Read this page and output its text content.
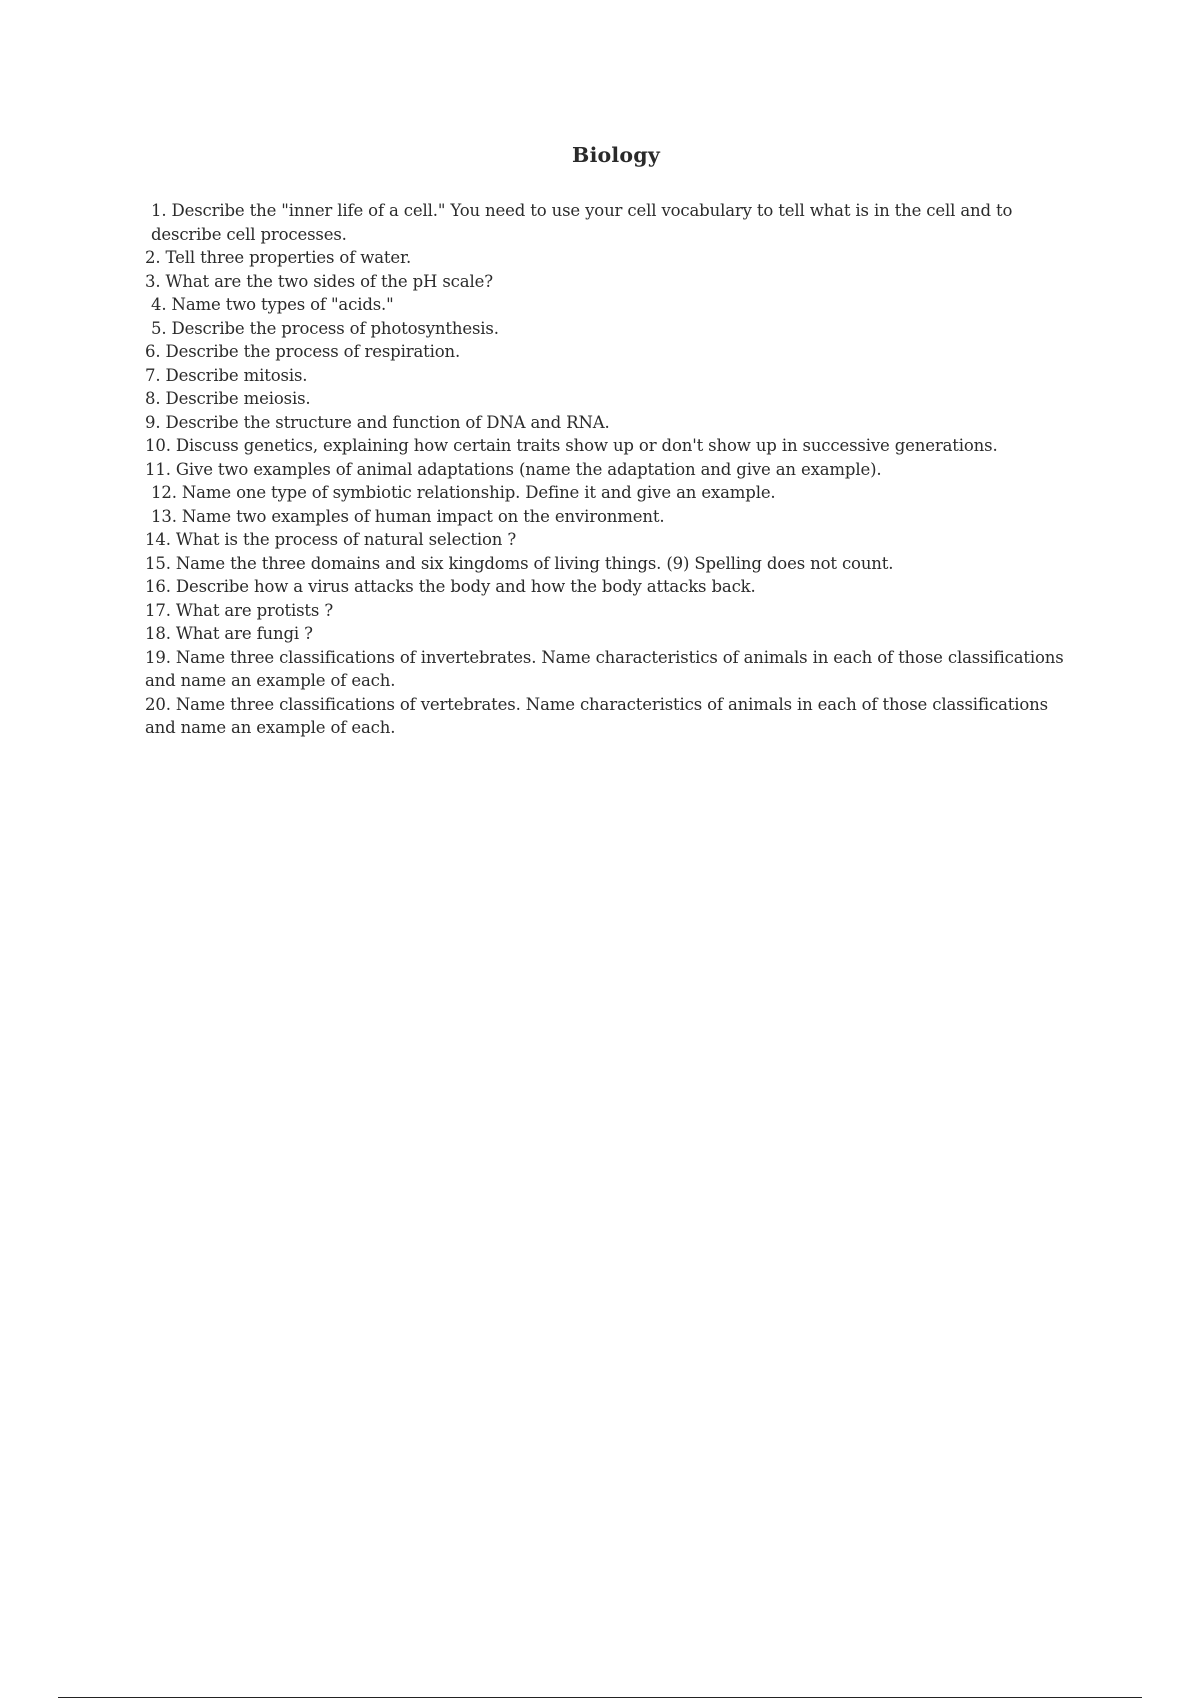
Biology
1. Describe the "inner life of a cell." You need to use your cell vocabulary to tell what is in the cell and to describe cell processes.
2. Tell three properties of water.
3. What are the two sides of the pH scale?
4. Name two types of "acids."
5. Describe the process of photosynthesis.
6. Describe the process of respiration.
7. Describe mitosis.
8. Describe meiosis.
9. Describe the structure and function of DNA and RNA.
10. Discuss genetics, explaining how certain traits show up or don't show up in successive generations.
11. Give two examples of animal adaptations (name the adaptation and give an example).
12. Name one type of symbiotic relationship. Define it and give an example.
13. Name two examples of human impact on the environment.
14. What is the process of natural selection ?
15. Name the three domains and six kingdoms of living things. (9) Spelling does not count.
16. Describe how a virus attacks the body and how the body attacks back.
17. What are protists ?
18. What are fungi ?
19. Name three classifications of invertebrates. Name characteristics of animals in each of those classifications and name an example of each.
20. Name three classifications of vertebrates. Name characteristics of animals in each of those classifications and name an example of each.
